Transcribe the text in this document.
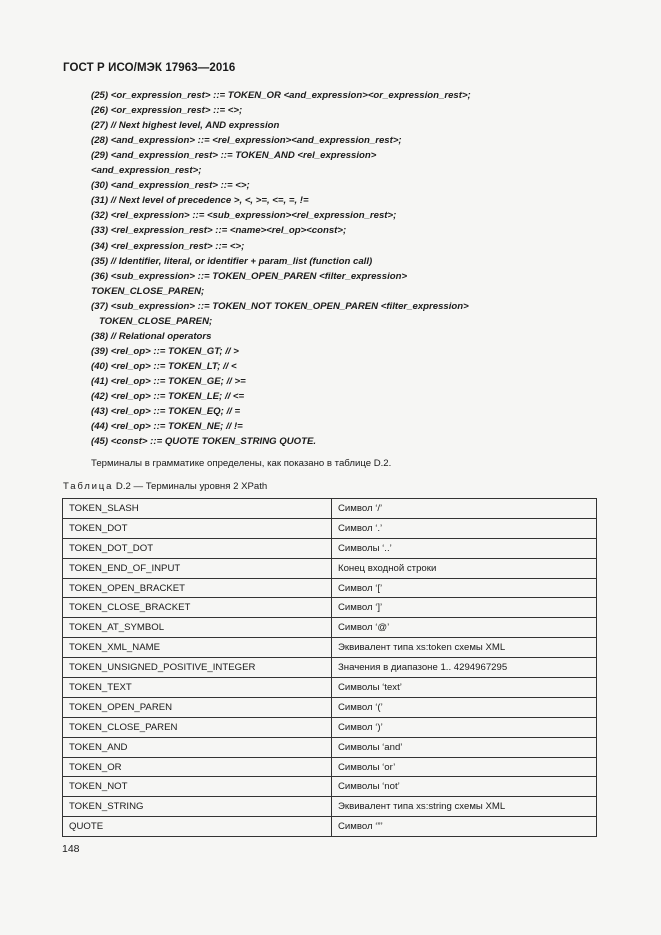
ГОСТ Р ИСО/МЭК 17963—2016
(25) <or_expression_rest> ::= TOKEN_OR <and_expression><or_expression_rest>;
(26) <or_expression_rest> ::= <>;
(27) // Next highest level, AND expression
(28) <and_expression> ::= <rel_expression><and_expression_rest>;
(29) <and_expression_rest> ::= TOKEN_AND <rel_expression>
<and_expression_rest>;
(30) <and_expression_rest> ::= <>;
(31) // Next level of precedence >, <, >=, <=, =, !=
(32) <rel_expression> ::= <sub_expression><rel_expression_rest>;
(33) <rel_expression_rest> ::= <name><rel_op><const>;
(34) <rel_expression_rest> ::= <>;
(35) // Identifier, literal, or identifier + param_list (function call)
(36) <sub_expression> ::= TOKEN_OPEN_PAREN <filter_expression>
TOKEN_CLOSE_PAREN;
(37) <sub_expression> ::= TOKEN_NOT TOKEN_OPEN_PAREN <filter_expression>
TOKEN_CLOSE_PAREN;
(38) // Relational operators
(39) <rel_op> ::= TOKEN_GT; // >
(40) <rel_op> ::= TOKEN_LT; // <
(41) <rel_op> ::= TOKEN_GE; // >=
(42) <rel_op> ::= TOKEN_LE; // <=
(43) <rel_op> ::= TOKEN_EQ; // =
(44) <rel_op> ::= TOKEN_NE; // !=
(45) <const> ::= QUOTE TOKEN_STRING QUOTE.
Терминалы в грамматике определены, как показано в таблице D.2.
Таблица D.2 — Терминалы уровня 2 XPath
TOKEN_SLASH	Символ ‘/’
TOKEN_DOT	Символ ‘.’
TOKEN_DOT_DOT	Символы ‘..’
TOKEN_END_OF_INPUT	Конец входной строки
TOKEN_OPEN_BRACKET	Символ ‘[’
TOKEN_CLOSE_BRACKET	Символ ‘]’
TOKEN_AT_SYMBOL	Символ ‘@’
TOKEN_XML_NAME	Эквивалент типа xs:token схемы XML
TOKEN_UNSIGNED_POSITIVE_INTEGER	Значения в диапазоне 1.. 4294967295
TOKEN_TEXT	Символы ‘text’
TOKEN_OPEN_PAREN	Символ ‘(’
TOKEN_CLOSE_PAREN	Символ ‘)’
TOKEN_AND	Символы ‘and’
TOKEN_OR	Символы ‘or’
TOKEN_NOT	Символы ‘not’
TOKEN_STRING	Эквивалент типа xs:string схемы XML
QUOTE	Символ ‘”’
148
